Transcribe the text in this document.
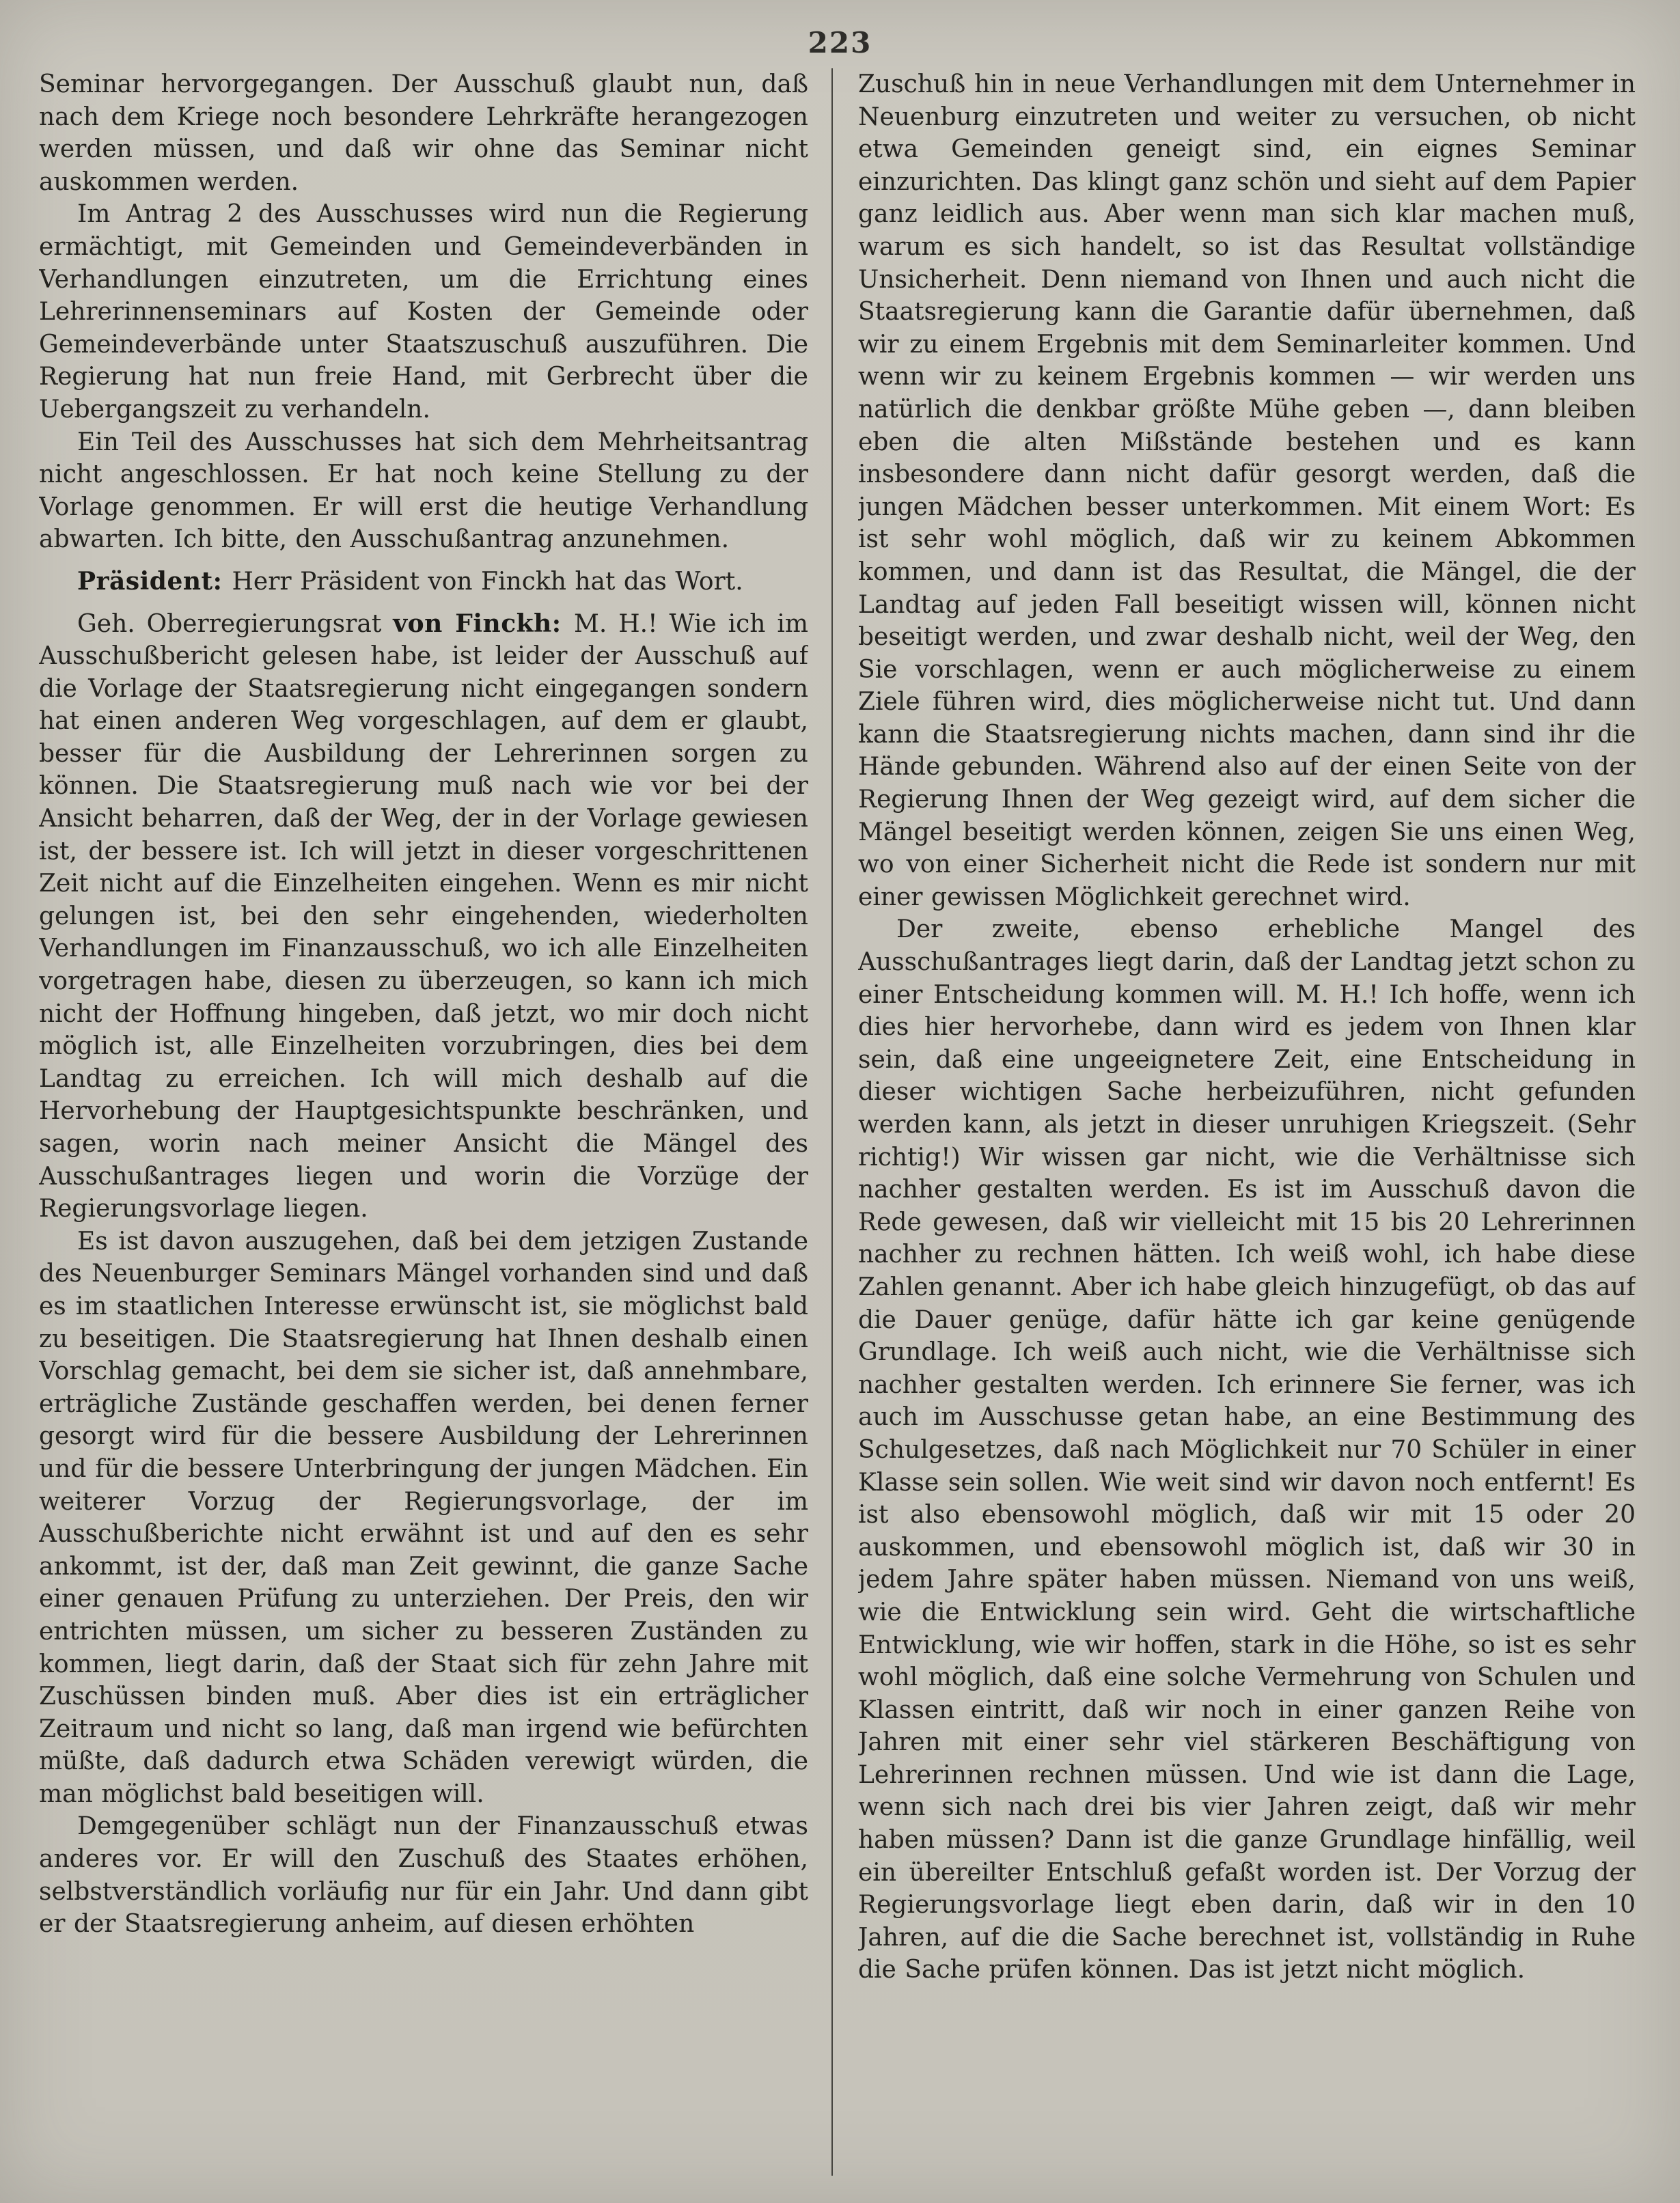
223

Seminar hervorgegangen. Der Ausschuß glaubt nun, daß nach dem Kriege noch besondere Lehrkräfte herangezogen werden müssen, und daß wir ohne das Seminar nicht auskommen werden.

Im Antrag 2 des Ausschusses wird nun die Regierung ermächtigt, mit Gemeinden und Gemeindeverbänden in Verhandlungen einzutreten, um die Errichtung eines Lehrerinnenseminars auf Kosten der Gemeinde oder Gemeindeverbände unter Staatszuschuß auszuführen. Die Regierung hat nun freie Hand, mit Gerbrecht über die Uebergangszeit zu verhandeln.

Ein Teil des Ausschusses hat sich dem Mehrheitsantrag nicht angeschlossen. Er hat noch keine Stellung zu der Vorlage genommen. Er will erst die heutige Verhandlung abwarten. Ich bitte, den Ausschußantrag anzunehmen.

Präsident: Herr Präsident von Finckh hat das Wort.

Geh. Oberregierungsrat von Finckh: M. H.! Wie ich im Ausschußbericht gelesen habe, ist leider der Ausschuß auf die Vorlage der Staatsregierung nicht eingegangen sondern hat einen anderen Weg vorgeschlagen, auf dem er glaubt, besser für die Ausbildung der Lehrerinnen sorgen zu können. Die Staatsregierung muß nach wie vor bei der Ansicht beharren, daß der Weg, der in der Vorlage gewiesen ist, der bessere ist. Ich will jetzt in dieser vorgeschrittenen Zeit nicht auf die Einzelheiten eingehen. Wenn es mir nicht gelungen ist, bei den sehr eingehenden, wiederholten Verhandlungen im Finanzausschuß, wo ich alle Einzelheiten vorgetragen habe, diesen zu überzeugen, so kann ich mich nicht der Hoffnung hingeben, daß jetzt, wo mir doch nicht möglich ist, alle Einzelheiten vorzubringen, dies bei dem Landtag zu erreichen. Ich will mich deshalb auf die Hervorhebung der Hauptgesichtspunkte beschränken, und sagen, worin nach meiner Ansicht die Mängel des Ausschußantrages liegen und worin die Vorzüge der Regierungsvorlage liegen.

Es ist davon auszugehen, daß bei dem jetzigen Zustande des Neuenburger Seminars Mängel vorhanden sind und daß es im staatlichen Interesse erwünscht ist, sie möglichst bald zu beseitigen. Die Staatsregierung hat Ihnen deshalb einen Vorschlag gemacht, bei dem sie sicher ist, daß annehmbare, erträgliche Zustände geschaffen werden, bei denen ferner gesorgt wird für die bessere Ausbildung der Lehrerinnen und für die bessere Unterbringung der jungen Mädchen. Ein weiterer Vorzug der Regierungsvorlage, der im Ausschußberichte nicht erwähnt ist und auf den es sehr ankommt, ist der, daß man Zeit gewinnt, die ganze Sache einer genauen Prüfung zu unterziehen. Der Preis, den wir entrichten müssen, um sicher zu besseren Zuständen zu kommen, liegt darin, daß der Staat sich für zehn Jahre mit Zuschüssen binden muß. Aber dies ist ein erträglicher Zeitraum und nicht so lang, daß man irgend wie befürchten müßte, daß dadurch etwa Schäden verewigt würden, die man möglichst bald beseitigen will.

Demgegenüber schlägt nun der Finanzausschuß etwas anderes vor. Er will den Zuschuß des Staates erhöhen, selbstverständlich vorläufig nur für ein Jahr. Und dann gibt er der Staatsregierung anheim, auf diesen erhöhten

Zuschuß hin in neue Verhandlungen mit dem Unternehmer in Neuenburg einzutreten und weiter zu versuchen, ob nicht etwa Gemeinden geneigt sind, ein eignes Seminar einzurichten. Das klingt ganz schön und sieht auf dem Papier ganz leidlich aus. Aber wenn man sich klar machen muß, warum es sich handelt, so ist das Resultat vollständige Unsicherheit. Denn niemand von Ihnen und auch nicht die Staatsregierung kann die Garantie dafür übernehmen, daß wir zu einem Ergebnis mit dem Seminarleiter kommen. Und wenn wir zu keinem Ergebnis kommen — wir werden uns natürlich die denkbar größte Mühe geben —, dann bleiben eben die alten Mißstände bestehen und es kann insbesondere dann nicht dafür gesorgt werden, daß die jungen Mädchen besser unterkommen. Mit einem Wort: Es ist sehr wohl möglich, daß wir zu keinem Abkommen kommen, und dann ist das Resultat, die Mängel, die der Landtag auf jeden Fall beseitigt wissen will, können nicht beseitigt werden, und zwar deshalb nicht, weil der Weg, den Sie vorschlagen, wenn er auch möglicherweise zu einem Ziele führen wird, dies möglicherweise nicht tut. Und dann kann die Staatsregierung nichts machen, dann sind ihr die Hände gebunden. Während also auf der einen Seite von der Regierung Ihnen der Weg gezeigt wird, auf dem sicher die Mängel beseitigt werden können, zeigen Sie uns einen Weg, wo von einer Sicherheit nicht die Rede ist sondern nur mit einer gewissen Möglichkeit gerechnet wird.

Der zweite, ebenso erhebliche Mangel des Ausschußantrages liegt darin, daß der Landtag jetzt schon zu einer Entscheidung kommen will. M. H.! Ich hoffe, wenn ich dies hier hervorhebe, dann wird es jedem von Ihnen klar sein, daß eine ungeeignetere Zeit, eine Entscheidung in dieser wichtigen Sache herbeizuführen, nicht gefunden werden kann, als jetzt in dieser unruhigen Kriegszeit. (Sehr richtig!) Wir wissen gar nicht, wie die Verhältnisse sich nachher gestalten werden. Es ist im Ausschuß davon die Rede gewesen, daß wir vielleicht mit 15 bis 20 Lehrerinnen nachher zu rechnen hätten. Ich weiß wohl, ich habe diese Zahlen genannt. Aber ich habe gleich hinzugefügt, ob das auf die Dauer genüge, dafür hätte ich gar keine genügende Grundlage. Ich weiß auch nicht, wie die Verhältnisse sich nachher gestalten werden. Ich erinnere Sie ferner, was ich auch im Ausschusse getan habe, an eine Bestimmung des Schulgesetzes, daß nach Möglichkeit nur 70 Schüler in einer Klasse sein sollen. Wie weit sind wir davon noch entfernt! Es ist also ebensowohl möglich, daß wir mit 15 oder 20 auskommen, und ebensowohl möglich ist, daß wir 30 in jedem Jahre später haben müssen. Niemand von uns weiß, wie die Entwicklung sein wird. Geht die wirtschaftliche Entwicklung, wie wir hoffen, stark in die Höhe, so ist es sehr wohl möglich, daß eine solche Vermehrung von Schulen und Klassen eintritt, daß wir noch in einer ganzen Reihe von Jahren mit einer sehr viel stärkeren Beschäftigung von Lehrerinnen rechnen müssen. Und wie ist dann die Lage, wenn sich nach drei bis vier Jahren zeigt, daß wir mehr haben müssen? Dann ist die ganze Grundlage hinfällig, weil ein übereilter Entschluß gefaßt worden ist. Der Vorzug der Regierungsvorlage liegt eben darin, daß wir in den 10 Jahren, auf die die Sache berechnet ist, vollständig in Ruhe die Sache prüfen können. Das ist jetzt nicht möglich.
